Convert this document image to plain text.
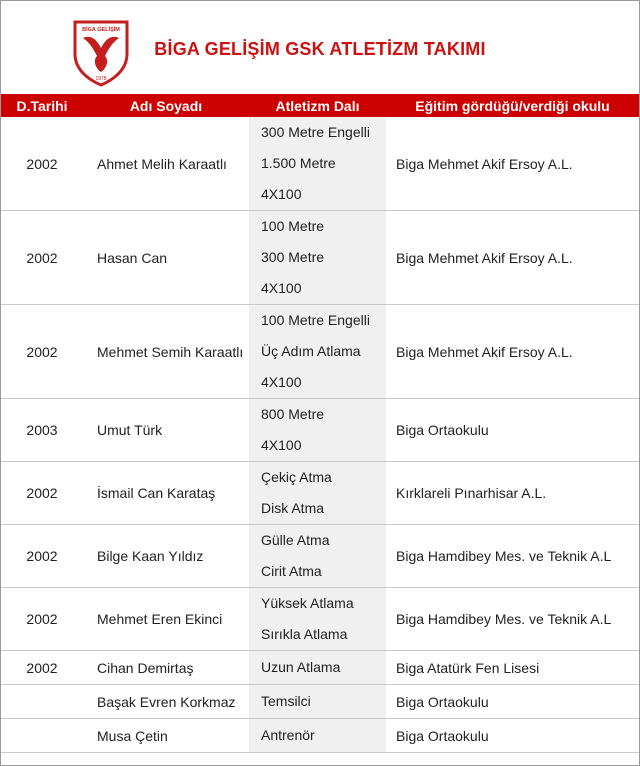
BİGA GELİŞİM
1978
BİGA GELİŞİM GSK ATLETİZM TAKIMI
D.Tarihi	Adı Soyadı	Atletizm Dalı	Eğitim gördüğü/verdiği okulu
2002	Ahmet Melih Karaatlı	300 Metre Engelli
1.500 Metre
4X100	Biga Mehmet Akif Ersoy A.L.
2002	Hasan Can	100 Metre
300 Metre
4X100	Biga Mehmet Akif Ersoy A.L.
2002	Mehmet Semih Karaatlı	100 Metre Engelli
Üç Adım Atlama
4X100	Biga Mehmet Akif Ersoy A.L.
2003	Umut Türk	800 Metre
4X100	Biga Ortaokulu
2002	İsmail Can Karataş	Çekiç Atma
Disk Atma	Kırklareli Pınarhisar A.L.
2002	Bilge Kaan Yıldız	Gülle Atma
Cirit Atma	Biga Hamdibey Mes. ve Teknik A.L
2002	Mehmet Eren Ekinci	Yüksek Atlama
Sırıkla Atlama	Biga Hamdibey Mes. ve Teknik A.L
2002	Cihan Demirtaş	Uzun Atlama	Biga Atatürk Fen Lisesi
	Başak Evren Korkmaz	Temsilci	Biga Ortaokulu
	Musa Çetin	Antrenör	Biga Ortaokulu
